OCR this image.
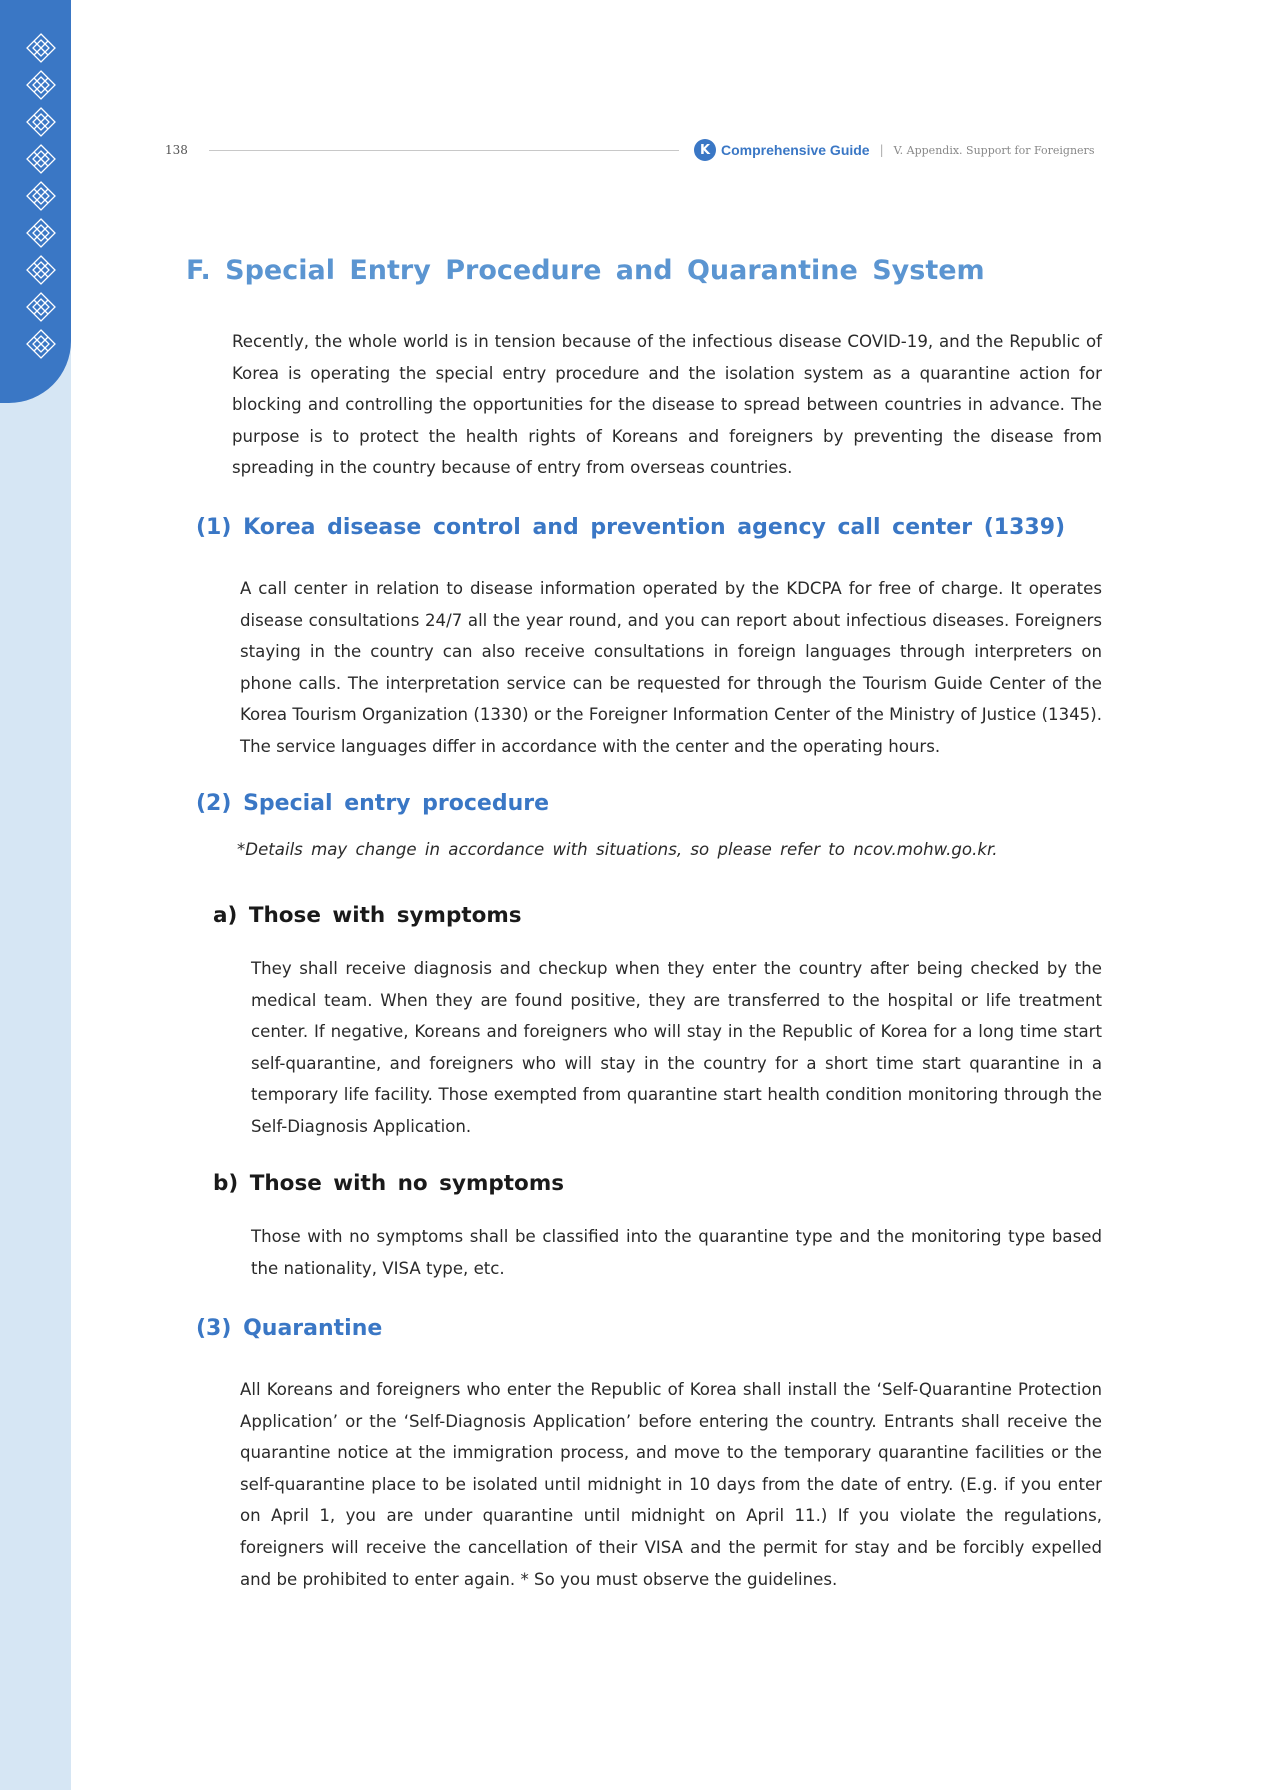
138	K Comprehensive Guide | V. Appendix. Support for Foreigners
F. Special Entry Procedure and Quarantine System

Recently, the whole world is in tension because of the infectious disease COVID-19, and the Republic of Korea is operating the special entry procedure and the isolation system as a quarantine action for blocking and controlling the opportunities for the disease to spread between countries in advance. The purpose is to protect the health rights of Koreans and foreigners by preventing the disease from spreading in the country because of entry from overseas countries.

(1) Korea disease control and prevention agency call center (1339)

A call center in relation to disease information operated by the KDCPA for free of charge. It operates disease consultations 24/7 all the year round, and you can report about infectious diseases. Foreigners staying in the country can also receive consultations in foreign languages through interpreters on phone calls. The interpretation service can be requested for through the Tourism Guide Center of the Korea Tourism Organization (1330) or the Foreigner Information Center of the Ministry of Justice (1345). The service languages differ in accordance with the center and the operating hours.

(2) Special entry procedure

*Details may change in accordance with situations, so please refer to ncov.mohw.go.kr.

a) Those with symptoms

They shall receive diagnosis and checkup when they enter the country after being checked by the medical team. When they are found positive, they are transferred to the hospital or life treatment center. If negative, Koreans and foreigners who will stay in the Republic of Korea for a long time start self-quarantine, and foreigners who will stay in the country for a short time start quarantine in a temporary life facility. Those exempted from quarantine start health condition monitoring through the Self-Diagnosis Application.

b) Those with no symptoms

Those with no symptoms shall be classified into the quarantine type and the monitoring type based the nationality, VISA type, etc.

(3) Quarantine

All Koreans and foreigners who enter the Republic of Korea shall install the ‘Self-Quarantine Protection Application’ or the ‘Self-Diagnosis Application’ before entering the country. Entrants shall receive the quarantine notice at the immigration process, and move to the temporary quarantine facilities or the self-quarantine place to be isolated until midnight in 10 days from the date of entry. (E.g. if you enter on April 1, you are under quarantine until midnight on April 11.) If you violate the regulations, foreigners will receive the cancellation of their VISA and the permit for stay and be forcibly expelled and be prohibited to enter again. * So you must observe the guidelines.
